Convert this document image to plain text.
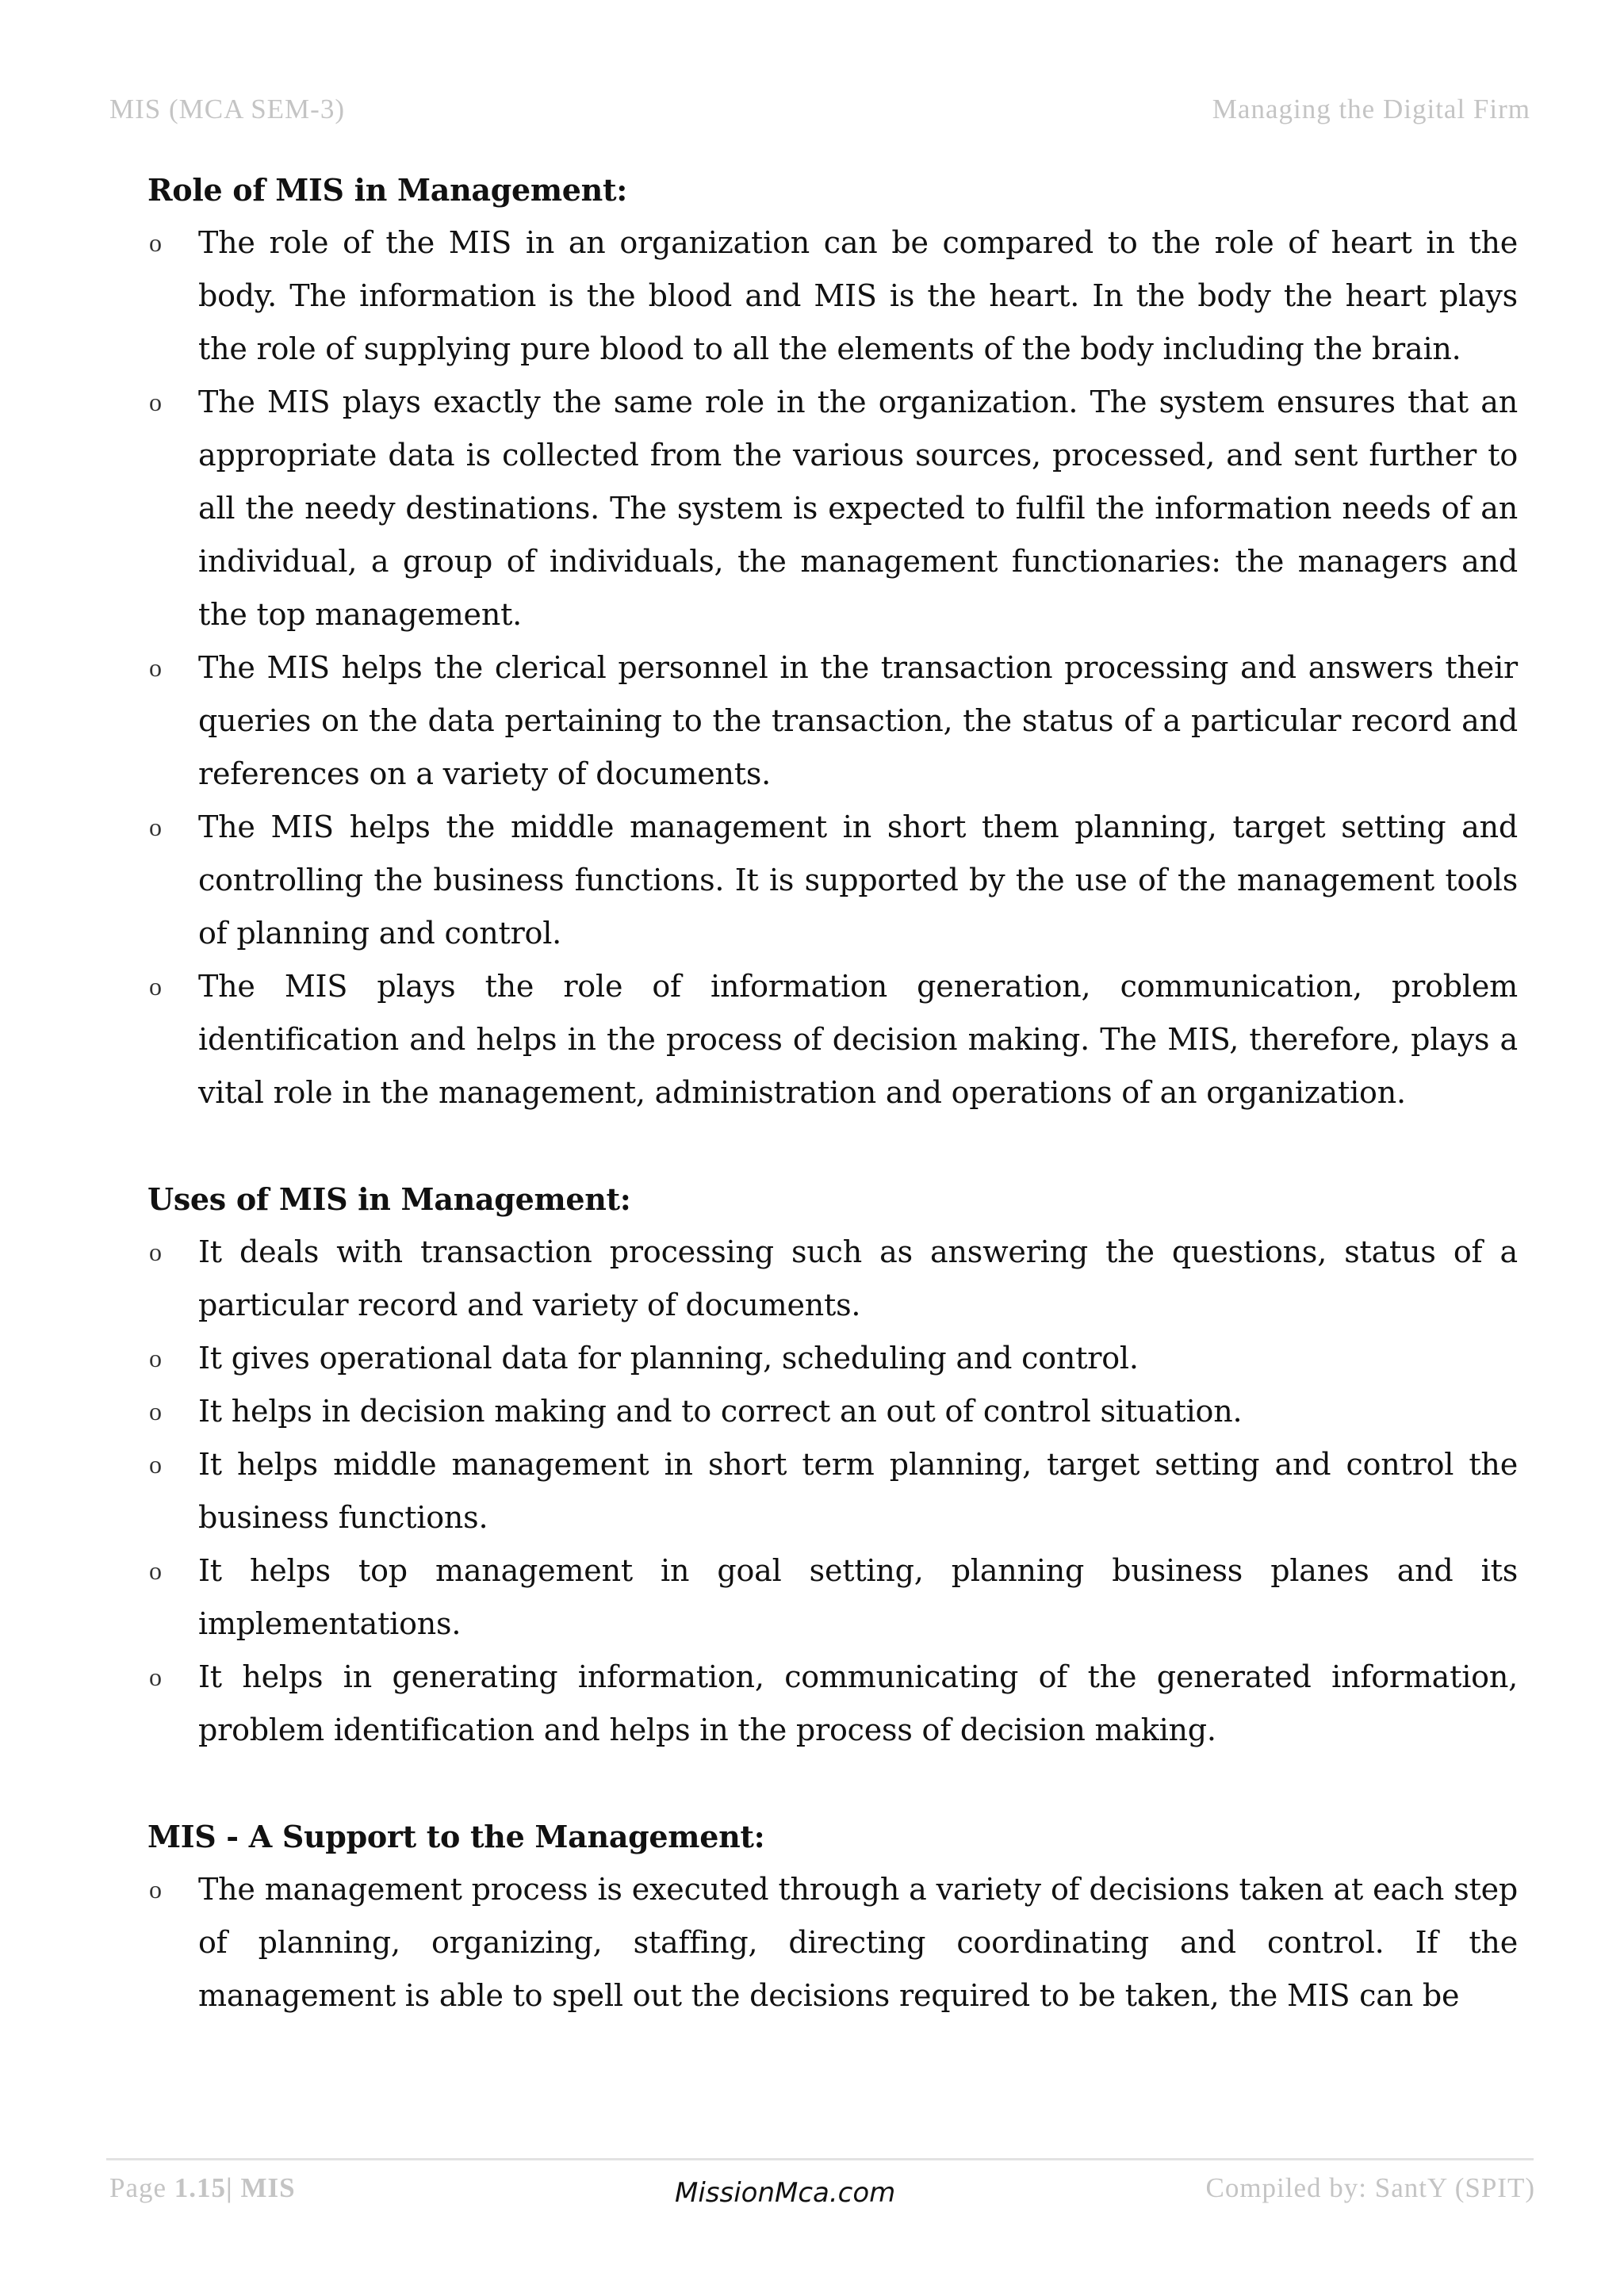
MIS (MCA SEM-3)	Managing the Digital Firm
Role of MIS in Management:
o The role of the MIS in an organization can be compared to the role of heart in the body. The information is the blood and MIS is the heart. In the body the heart plays the role of supplying pure blood to all the elements of the body including the brain.
o The MIS plays exactly the same role in the organization. The system ensures that an appropriate data is collected from the various sources, processed, and sent further to all the needy destinations. The system is expected to fulfil the information needs of an individual, a group of individuals, the management functionaries: the managers and the top management.
o The MIS helps the clerical personnel in the transaction processing and answers their queries on the data pertaining to the transaction, the status of a particular record and references on a variety of documents.
o The MIS helps the middle management in short them planning, target setting and controlling the business functions. It is supported by the use of the management tools of planning and control.
o The MIS plays the role of information generation, communication, problem identification and helps in the process of decision making. The MIS, therefore, plays a vital role in the management, administration and operations of an organization.
Uses of MIS in Management:
o It deals with transaction processing such as answering the questions, status of a particular record and variety of documents.
o It gives operational data for planning, scheduling and control.
o It helps in decision making and to correct an out of control situation.
o It helps middle management in short term planning, target setting and control the business functions.
o It helps top management in goal setting, planning business planes and its implementations.
o It helps in generating information, communicating of the generated information, problem identification and helps in the process of decision making.
MIS - A Support to the Management:
o The management process is executed through a variety of decisions taken at each step of planning, organizing, staffing, directing coordinating and control. If the management is able to spell out the decisions required to be taken, the MIS can be
Page 1.15| MIS	MissionMca.com	Compiled by: SantY (SPIT)
